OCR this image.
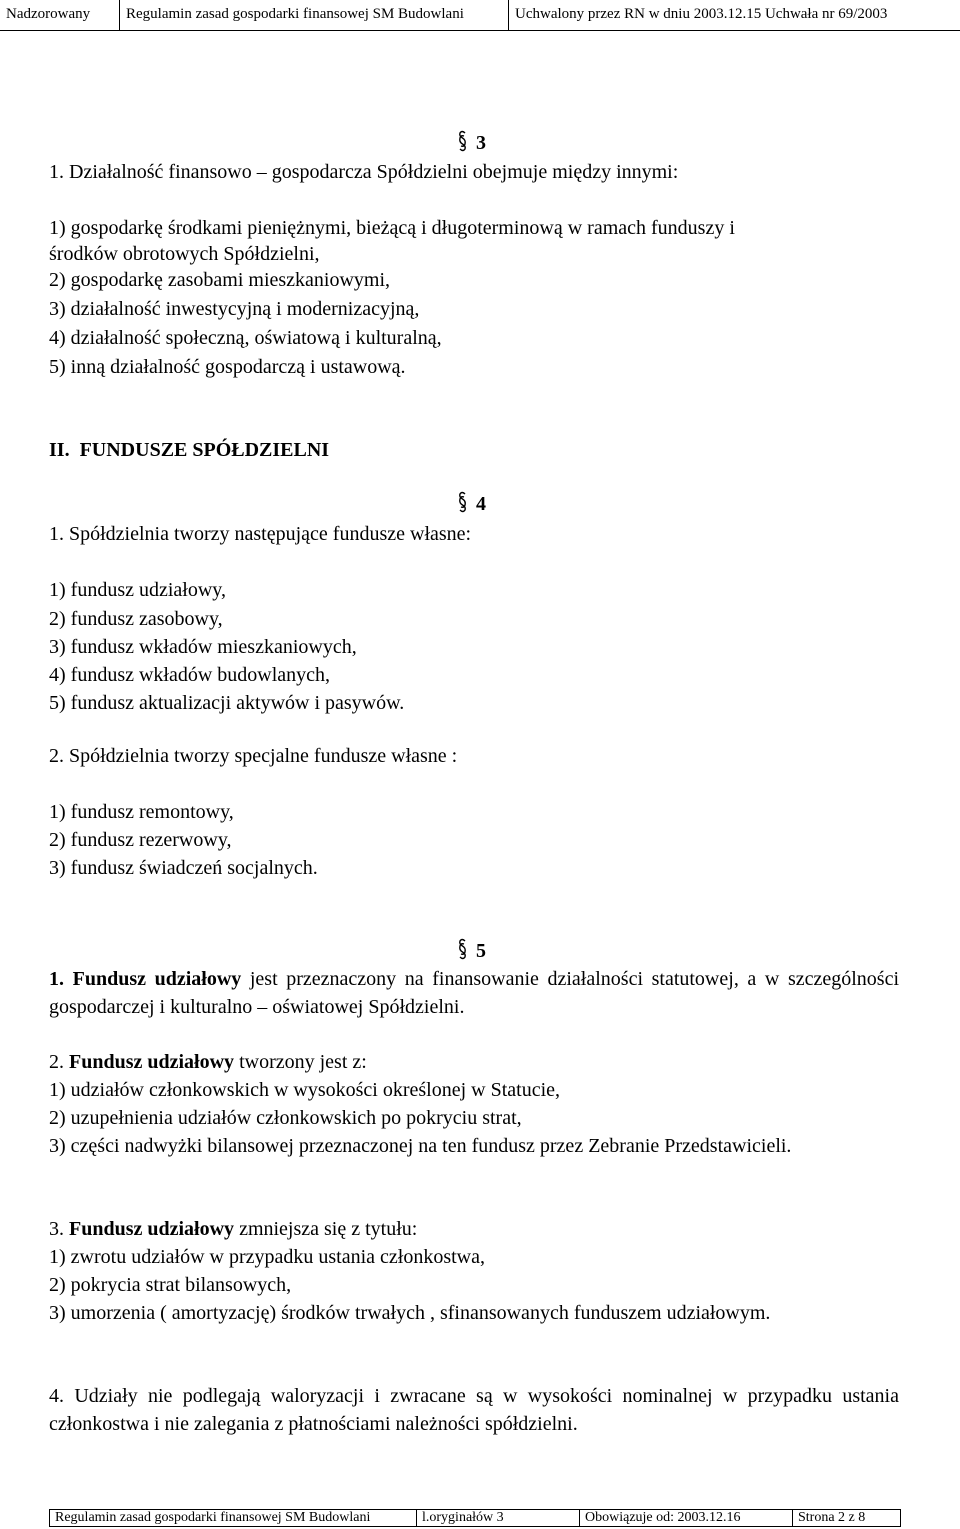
Nadzorowany	Regulamin zasad gospodarki finansowej SM Budowlani	Uchwalony przez RN w dniu 2003.12.15 Uchwała nr 69/2003
3
1. Działalność finansowo – gospodarcza Spółdzielni obejmuje między innymi:
1) gospodarkę środkami pieniężnymi, bieżącą i długoterminową w ramach funduszy i
środków obrotowych Spółdzielni,
2) gospodarkę zasobami mieszkaniowymi,
3) działalność inwestycyjną i modernizacyjną,
4) działalność społeczną, oświatową i kulturalną,
5) inną działalność gospodarczą i ustawową.
II. FUNDUSZE SPÓŁDZIELNI
4
1. Spółdzielnia tworzy następujące fundusze własne:
1) fundusz udziałowy,
2) fundusz zasobowy,
3) fundusz wkładów mieszkaniowych,
4) fundusz wkładów budowlanych,
5) fundusz aktualizacji aktywów i pasywów.
2. Spółdzielnia tworzy specjalne fundusze własne :
1) fundusz remontowy,
2) fundusz rezerwowy,
3) fundusz świadczeń socjalnych.
5
1. Fundusz udziałowy jest przeznaczony na finansowanie działalności statutowej, a w szczególności gospodarczej i kulturalno – oświatowej Spółdzielni.
2. Fundusz udziałowy tworzony jest z:
1) udziałów członkowskich w wysokości określonej w Statucie,
2) uzupełnienia udziałów członkowskich po pokryciu strat,
3) części nadwyżki bilansowej przeznaczonej na ten fundusz przez Zebranie Przedstawicieli.
3. Fundusz udziałowy zmniejsza się z tytułu:
1) zwrotu udziałów w przypadku ustania członkostwa,
2) pokrycia strat bilansowych,
3) umorzenia ( amortyzację) środków trwałych , sfinansowanych funduszem udziałowym.
4. Udziały nie podlegają waloryzacji i zwracane są w wysokości nominalnej w przypadku ustania członkostwa i nie zalegania z płatnościami należności spółdzielni.
Regulamin zasad gospodarki finansowej SM Budowlani	l.oryginałów 3	Obowiązuje od: 2003.12.16	Strona 2 z 8
